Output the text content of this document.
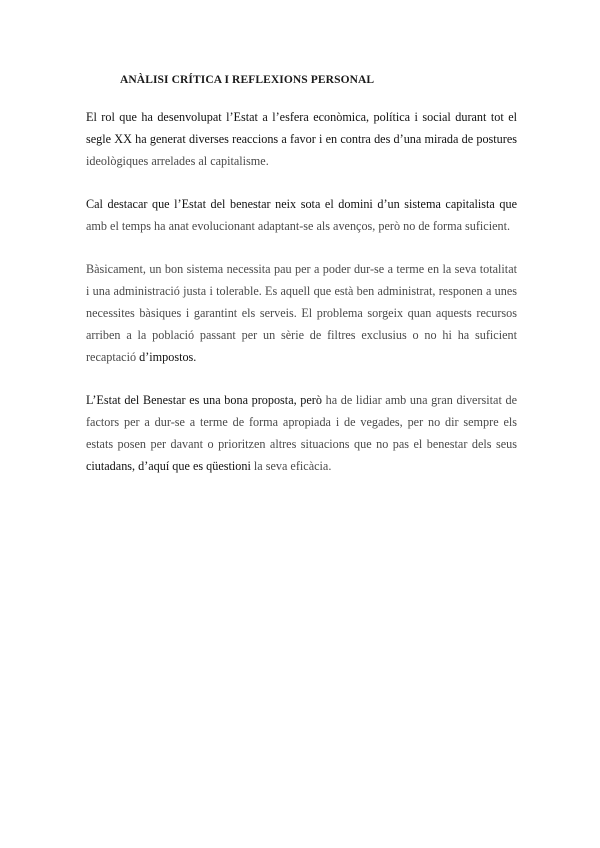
ANÀLISI CRÍTICA I REFLEXIONS PERSONAL

El rol que ha desenvolupat l’Estat a l’esfera econòmica, política i social durant tot el segle XX ha generat diverses reaccions a favor i en contra des d’una mirada de postures ideològiques arrelades al capitalisme.

Cal destacar que l’Estat del benestar neix sota el domini d’un sistema capitalista que amb el temps ha anat evolucionant adaptant-se als avenços, però no de forma suficient.

Bàsicament, un bon sistema necessita pau per a poder dur-se a terme en la seva totalitat i una administració justa i tolerable. Es aquell que està ben administrat, responen a unes necessites bàsiques i garantint els serveis. El problema sorgeix quan aquests recursos arriben a la població passant per un sèrie de filtres exclusius o no hi ha suficient recaptació d’impostos.

L’Estat del Benestar es una bona proposta, però ha de lidiar amb una gran diversitat de factors per a dur-se a terme de forma apropiada i de vegades, per no dir sempre els estats posen per davant o prioritzen altres situacions que no pas el benestar dels seus ciutadans, d’aquí que es qüestioni la seva eficàcia.
